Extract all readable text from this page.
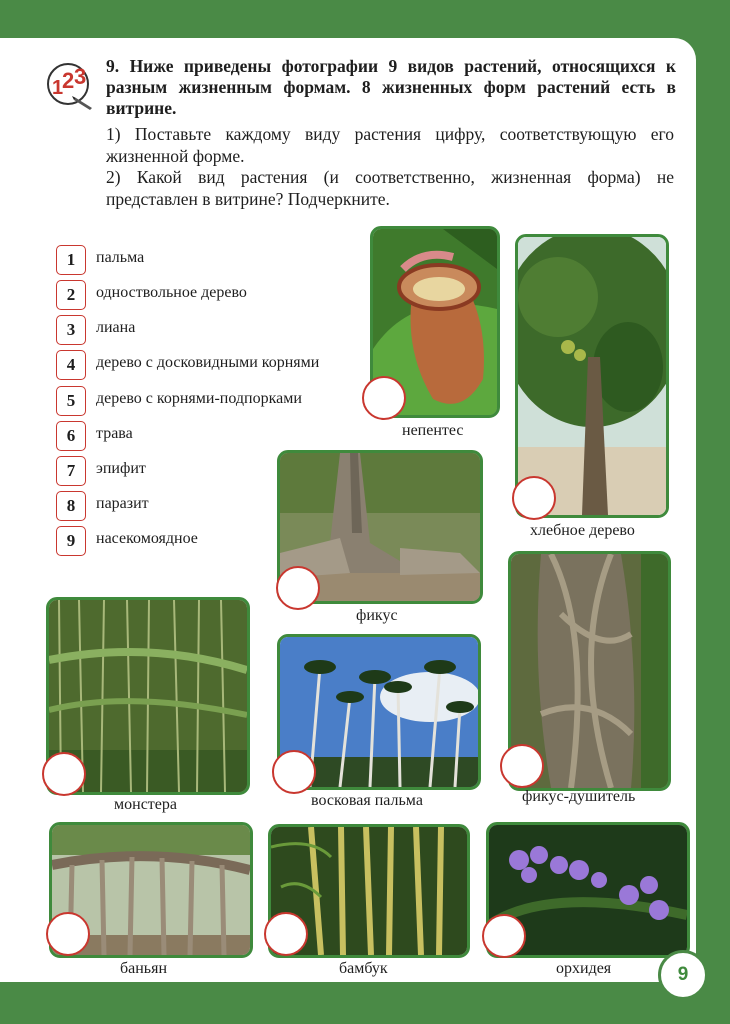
1
2 3 9. Ниже приведены фотографии 9 видов растений, относящихся к разным жизненным формам. 8 жизненных форм растений есть в витрине.
1) Поставьте каждому виду растения цифру, соответствующую его жизненной форме.
2) Какой вид растения (и соответственно, жизненная форма) не представлен в витрине? Подчеркните.
1	пальма
2	одноствольное дерево
3	лиана
4	дерево с досковидными корнями
5	дерево с корнями-подпорками
6	трава
7	эпифит
8	паразит
9	насекомоядное
непентес
хлебное дерево
фикус
монстера	восковая пальма	фикус-душитель
баньян	бамбук	орхидея	9
